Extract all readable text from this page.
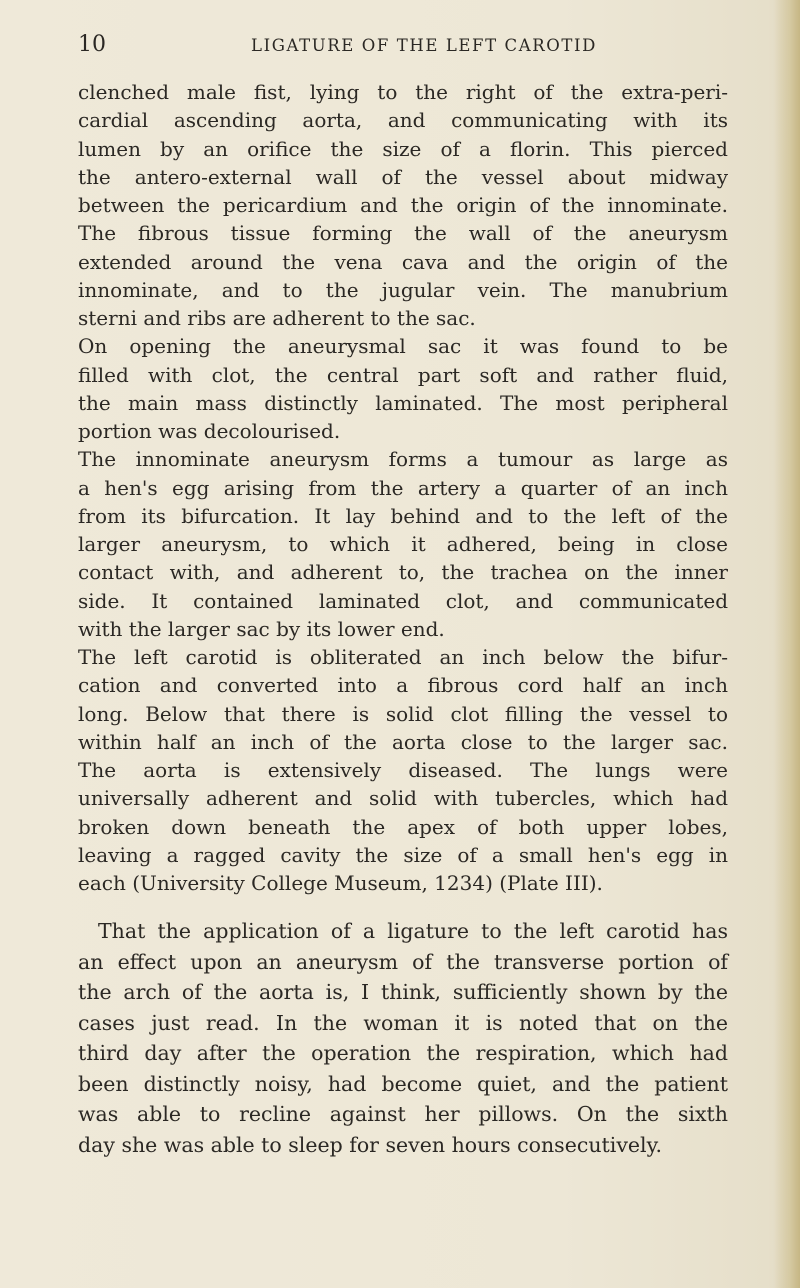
10	LIGATURE OF THE LEFT CAROTID
clenched male fist, lying to the right of the extra-peri-
cardial ascending aorta, and communicating with its
lumen by an orifice the size of a florin. This pierced
the antero-external wall of the vessel about midway
between the pericardium and the origin of the innominate.
The fibrous tissue forming the wall of the aneurysm
extended around the vena cava and the origin of the
innominate, and to the jugular vein. The manubrium
sterni and ribs are adherent to the sac.
On opening the aneurysmal sac it was found to be
filled with clot, the central part soft and rather fluid,
the main mass distinctly laminated. The most peripheral
portion was decolourised.
The innominate aneurysm forms a tumour as large as
a hen's egg arising from the artery a quarter of an inch
from its bifurcation. It lay behind and to the left of the
larger aneurysm, to which it adhered, being in close
contact with, and adherent to, the trachea on the inner
side. It contained laminated clot, and communicated
with the larger sac by its lower end.
The left carotid is obliterated an inch below the bifur-
cation and converted into a fibrous cord half an inch
long. Below that there is solid clot filling the vessel to
within half an inch of the aorta close to the larger sac.
The aorta is extensively diseased. The lungs were
universally adherent and solid with tubercles, which had
broken down beneath the apex of both upper lobes,
leaving a ragged cavity the size of a small hen's egg in
each (University College Museum, 1234) (Plate III).
That the application of a ligature to the left carotid has
an effect upon an aneurysm of the transverse portion of
the arch of the aorta is, I think, sufficiently shown by the
cases just read. In the woman it is noted that on the
third day after the operation the respiration, which had
been distinctly noisy, had become quiet, and the patient
was able to recline against her pillows. On the sixth
day she was able to sleep for seven hours consecutively.
